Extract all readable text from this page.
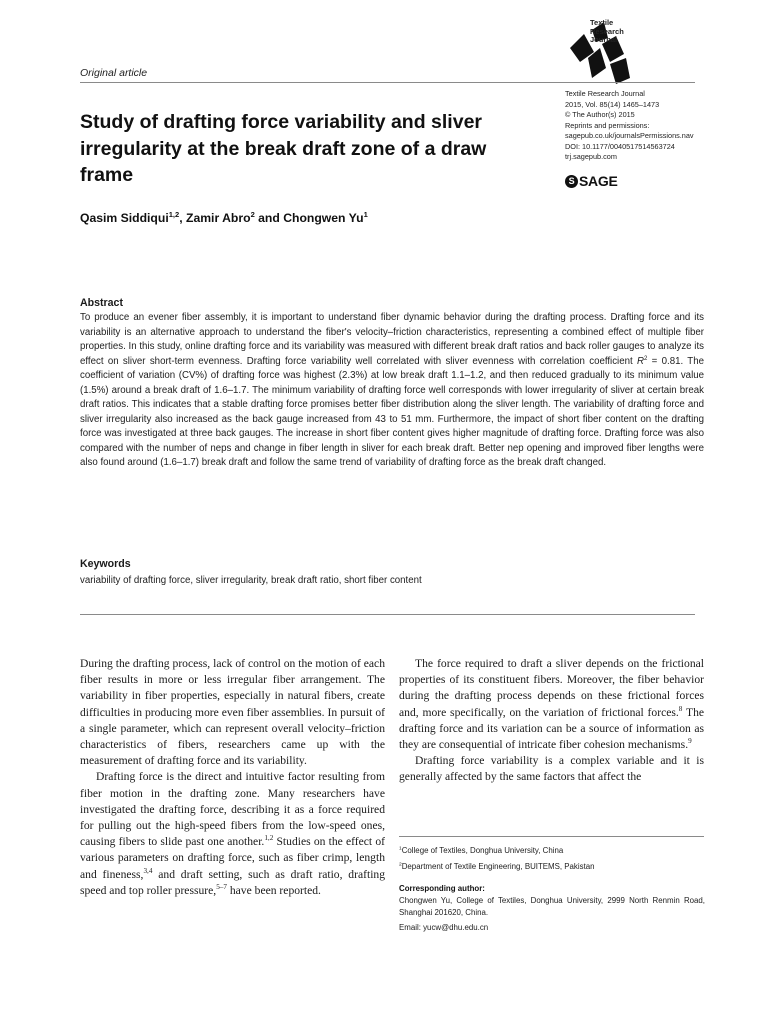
Textile
Research
Journal
Original article
Textile Research Journal
2015, Vol. 85(14) 1465–1473
© The Author(s) 2015
Reprints and permissions:
sagepub.co.uk/journalsPermissions.nav
DOI: 10.1177/0040517514563724
trj.sagepub.com
S SAGE
Study of drafting force variability and sliver irregularity at the break draft zone of a draw frame
Qasim Siddiqui$^{1,2}$, Zamir Abro$^2$ and Chongwen Yu$^1$
Abstract
To produce an evener fiber assembly, it is important to understand fiber dynamic behavior during the drafting process. Drafting force and its variability is an alternative approach to understand the fiber's velocity–friction characteristics, representing a combined effect of multiple fiber properties. In this study, online drafting force and its variability was measured with different break draft ratios and back roller gauges to analyze its effect on sliver short-term evenness. Drafting force variability well correlated with sliver evenness with correlation coefficient $R^2 = 0.81$. The coefficient of variation (CV%) of drafting force was highest (2.3%) at low break draft 1.1–1.2, and then reduced gradually to its minimum value (1.5%) around a break draft of 1.6–1.7. The minimum variability of drafting force well corresponds with lower irregularity of sliver at certain break draft ratios. This indicates that a stable drafting force promises better fiber distribution along the sliver length. The variability of drafting force and sliver irregularity also increased as the back gauge increased from 43 to 51 mm. Furthermore, the impact of short fiber content on the drafting force was investigated at three back gauges. The increase in short fiber content gives higher magnitude of drafting force. Drafting force was also compared with the number of neps and change in fiber length in sliver for each break draft. Better nep opening and improved fiber lengths were also found around (1.6–1.7) break draft and follow the same trend of variability of drafting force as the break draft changed.
Keywords
variability of drafting force, sliver irregularity, break draft ratio, short fiber content

During the drafting process, lack of control on the motion of each fiber results in more or less irregular fiber arrangement. The variability in fiber properties, especially in natural fibers, create difficulties in producing more even fiber assemblies. In pursuit of a single parameter, which can represent overall velocity–friction characteristics of fibers, researchers came up with the measurement of drafting force and its variability.

Drafting force is the direct and intuitive factor resulting from fiber motion in the drafting zone. Many researchers have investigated the drafting force, describing it as a force required for pulling out the high-speed fibers from the low-speed ones, causing fibers to slide past one another.$^{1,2}$ Studies on the effect of various parameters on drafting force, such as fiber crimp, length and fineness,$^{3,4}$ and draft setting, such as draft ratio, drafting speed and top roller pressure,$^{5-7}$ have been reported.

The force required to draft a sliver depends on the frictional properties of its constituent fibers. Moreover, the fiber behavior during the drafting process depends on these frictional forces and, more specifically, on the variation of frictional forces.$^8$ The drafting force and its variation can be a source of information as they are consequential of intricate fiber cohesion mechanisms.$^9$

Drafting force variability is a complex variable and it is generally affected by the same factors that affect the

$^1$College of Textiles, Donghua University, China
$^2$Department of Textile Engineering, BUITEMS, Pakistan
Corresponding author:
Chongwen Yu, College of Textiles, Donghua University, 2999 North Renmin Road, Shanghai 201620, China.
Email: yucw@dhu.edu.cn
